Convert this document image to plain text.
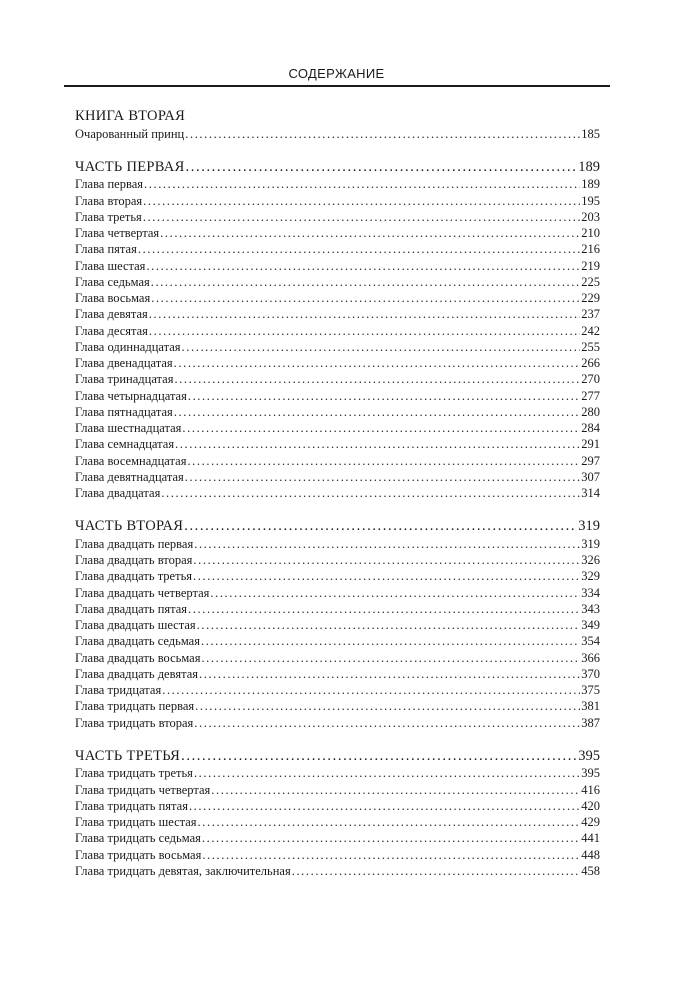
СОДЕРЖАНИЕ
КНИГА ВТОРАЯ
Очарованный принц .....	185
ЧАСТЬ ПЕРВАЯ .....	189
Глава первая .....	189
Глава вторая .....	195
Глава третья .....	203
Глава четвертая .....	210
Глава пятая .....	216
Глава шестая .....	219
Глава седьмая .....	225
Глава восьмая .....	229
Глава девятая .....	237
Глава десятая .....	242
Глава одиннадцатая .....	255
Глава двенадцатая .....	266
Глава тринадцатая .....	270
Глава четырнадцатая .....	277
Глава пятнадцатая .....	280
Глава шестнадцатая .....	284
Глава семнадцатая .....	291
Глава восемнадцатая .....	297
Глава девятнадцатая .....	307
Глава двадцатая .....	314
ЧАСТЬ ВТОРАЯ .....	319
Глава двадцать первая .....	319
Глава двадцать вторая .....	326
Глава двадцать третья .....	329
Глава двадцать четвертая .....	334
Глава двадцать пятая .....	343
Глава двадцать шестая .....	349
Глава двадцать седьмая .....	354
Глава двадцать восьмая .....	366
Глава двадцать девятая .....	370
Глава тридцатая .....	375
Глава тридцать первая .....	381
Глава тридцать вторая .....	387
ЧАСТЬ ТРЕТЬЯ .....	395
Глава тридцать третья .....	395
Глава тридцать четвертая .....	416
Глава тридцать пятая .....	420
Глава тридцать шестая .....	429
Глава тридцать седьмая .....	441
Глава тридцать восьмая .....	448
Глава тридцать девятая, заключительная .....	458
